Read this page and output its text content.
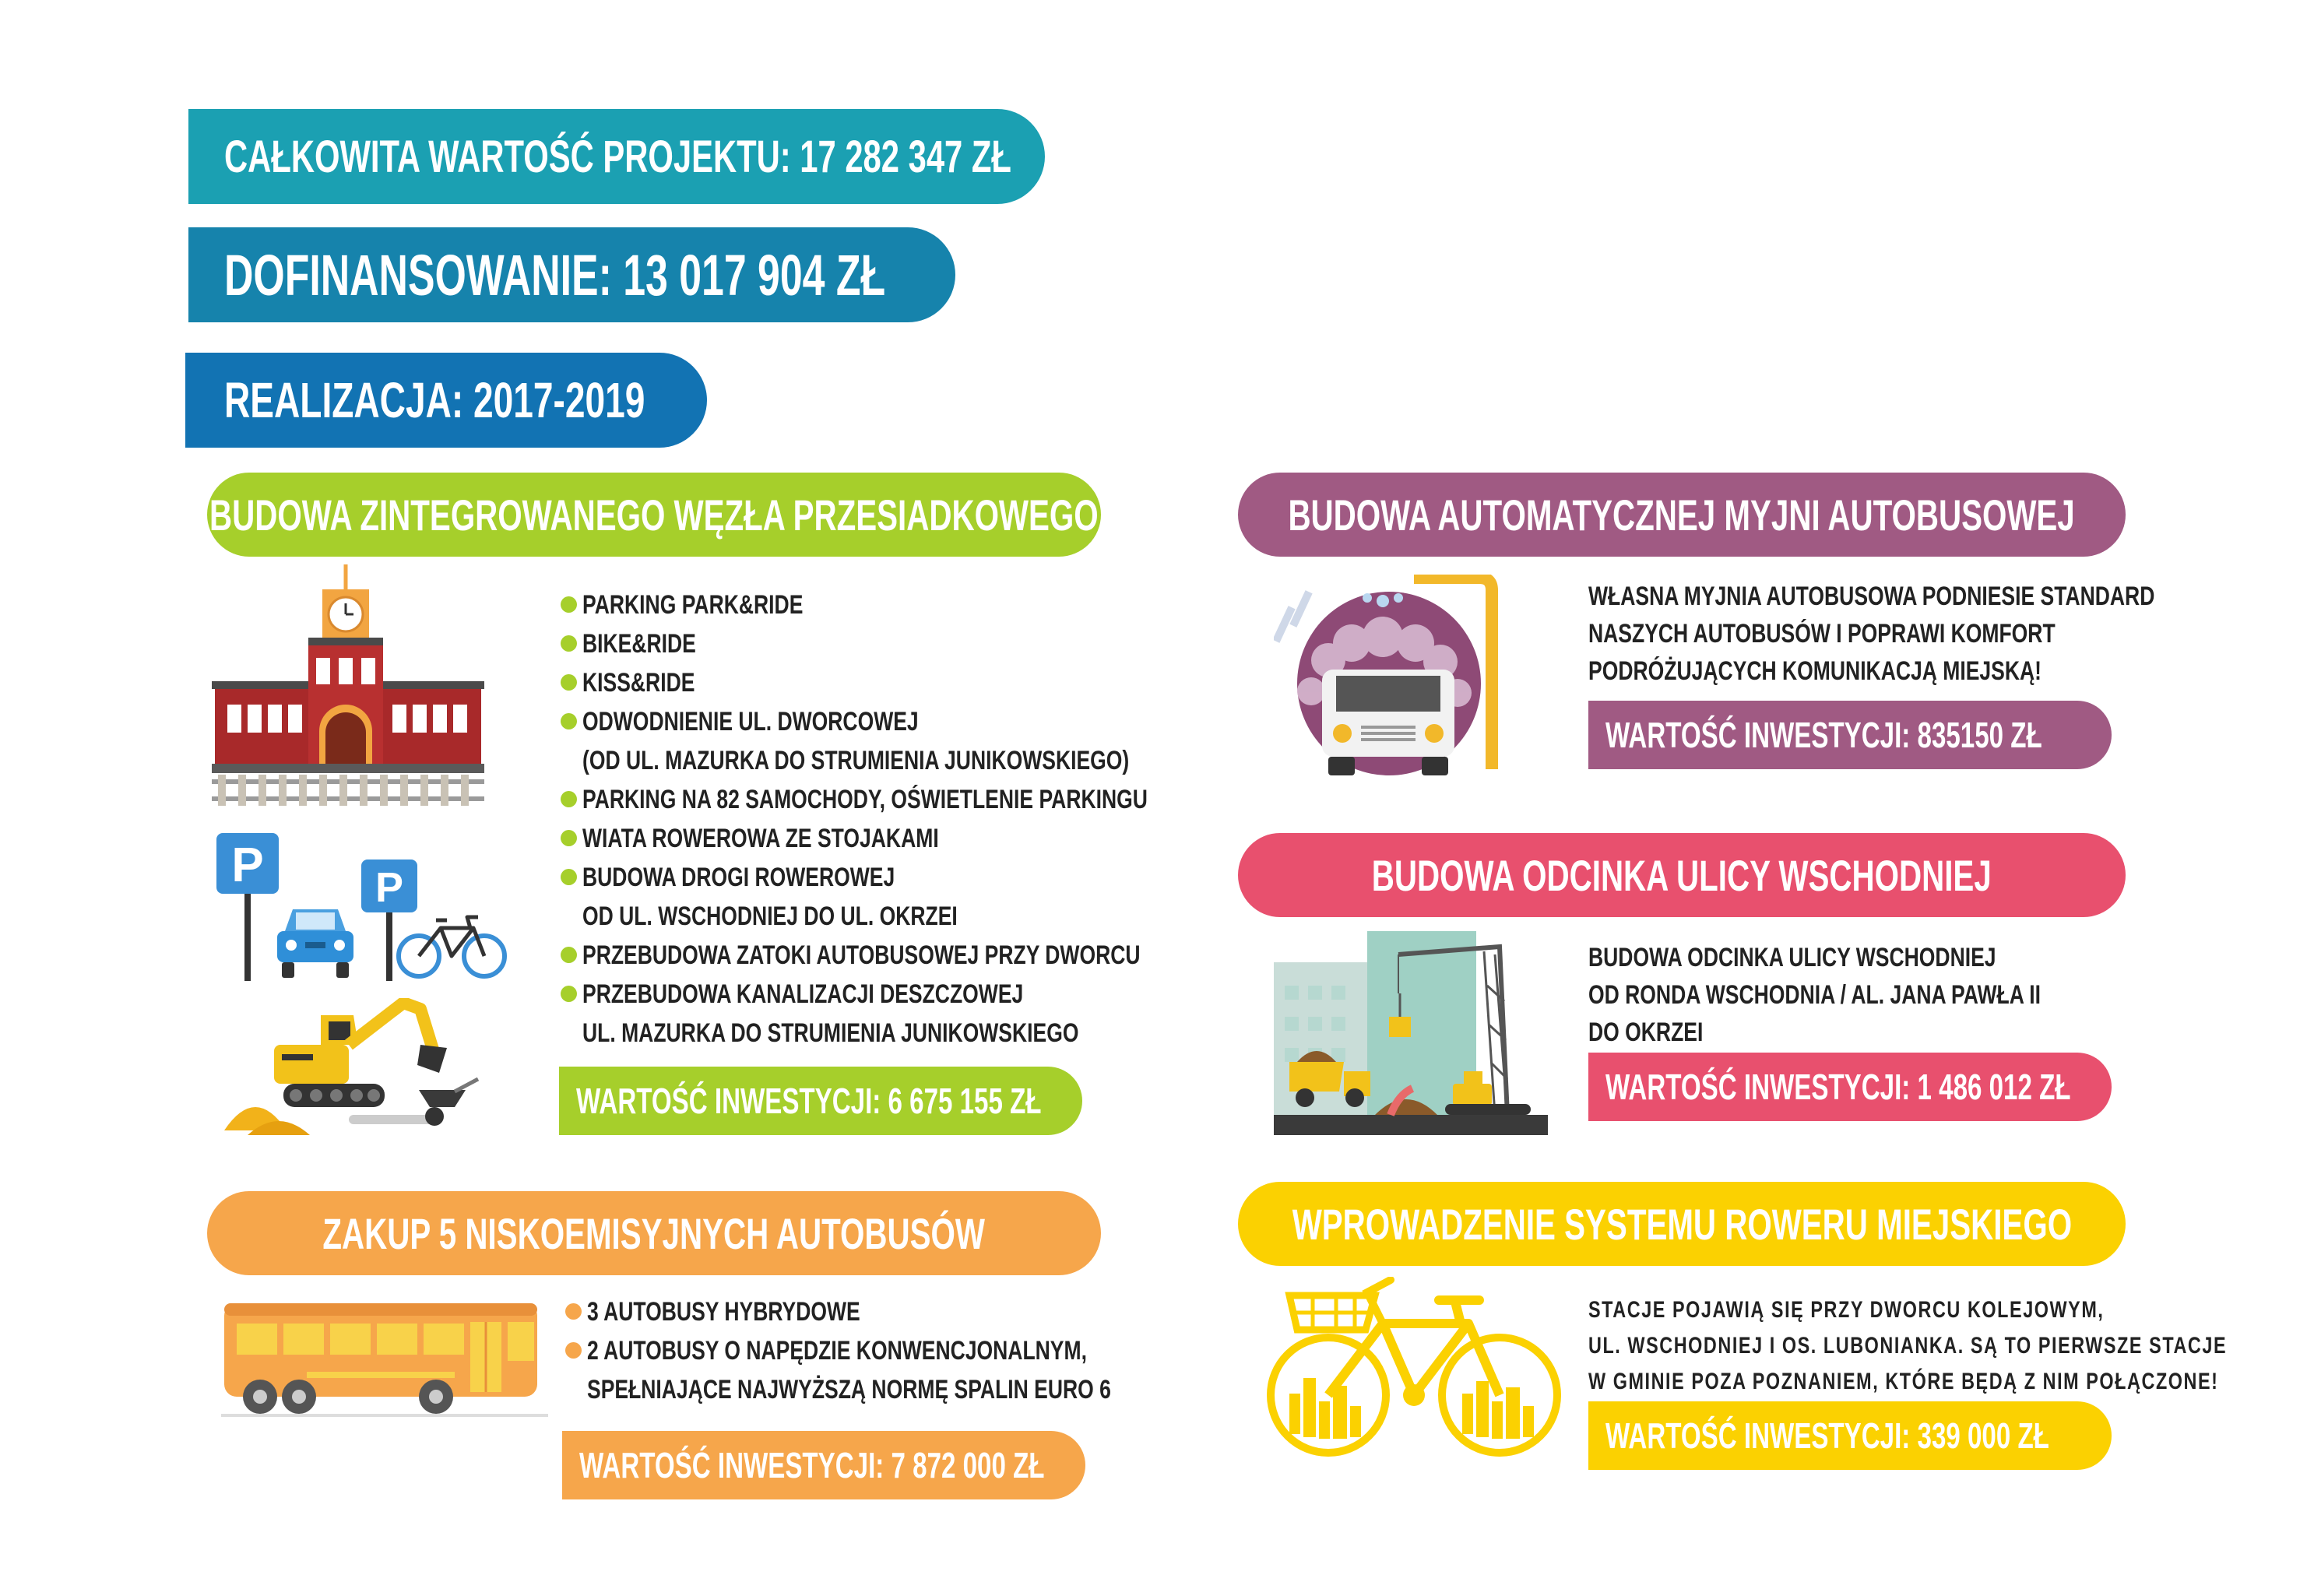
CAŁKOWITA WARTOŚĆ PROJEKTU: 17 282 347 ZŁ
DOFINANSOWANIE: 13 017 904 ZŁ
REALIZACJA: 2017-2019
BUDOWA ZINTEGROWANEGO WĘZŁA PRZESIADKOWEGO
P	P
PARKING PARK&RIDE
BIKE&RIDE
KISS&RIDE
ODWODNIENIE UL. DWORCOWEJ
(OD UL. MAZURKA DO STRUMIENIA JUNIKOWSKIEGO)
PARKING NA 82 SAMOCHODY, OŚWIETLENIE PARKINGU
WIATA ROWEROWA ZE STOJAKAMI
BUDOWA DROGI ROWEROWEJ
OD UL. WSCHODNIEJ DO UL. OKRZEI
PRZEBUDOWA ZATOKI AUTOBUSOWEJ PRZY DWORCU
PRZEBUDOWA KANALIZACJI DESZCZOWEJ
UL. MAZURKA DO STRUMIENIA JUNIKOWSKIEGO
WARTOŚĆ INWESTYCJI: 6 675 155 ZŁ
ZAKUP 5 NISKOEMISYJNYCH AUTOBUSÓW
3 AUTOBUSY HYBRYDOWE
2 AUTOBUSY O NAPĘDZIE KONWENCJONALNYM,
SPEŁNIAJĄCE NAJWYŻSZĄ NORMĘ SPALIN EURO 6
WARTOŚĆ INWESTYCJI: 7 872 000 ZŁ
BUDOWA AUTOMATYCZNEJ MYJNI AUTOBUSOWEJ
WŁASNA MYJNIA AUTOBUSOWA PODNIESIE STANDARD
NASZYCH AUTOBUSÓW I POPRAWI KOMFORT
PODRÓŻUJĄCYCH KOMUNIKACJĄ MIEJSKĄ!
WARTOŚĆ INWESTYCJI: 835150 ZŁ
BUDOWA ODCINKA ULICY WSCHODNIEJ
BUDOWA ODCINKA ULICY WSCHODNIEJ
OD RONDA WSCHODNIA / AL. JANA PAWŁA II
DO OKRZEI
WARTOŚĆ INWESTYCJI: 1 486 012 ZŁ
WPROWADZENIE SYSTEMU ROWERU MIEJSKIEGO
STACJE POJAWIĄ SIĘ PRZY DWORCU KOLEJOWYM,
UL. WSCHODNIEJ I OS. LUBONIANKA. SĄ TO PIERWSZE STACJE
W GMINIE POZA POZNANIEM, KTÓRE BĘDĄ Z NIM POŁĄCZONE!
WARTOŚĆ INWESTYCJI: 339 000 ZŁ
